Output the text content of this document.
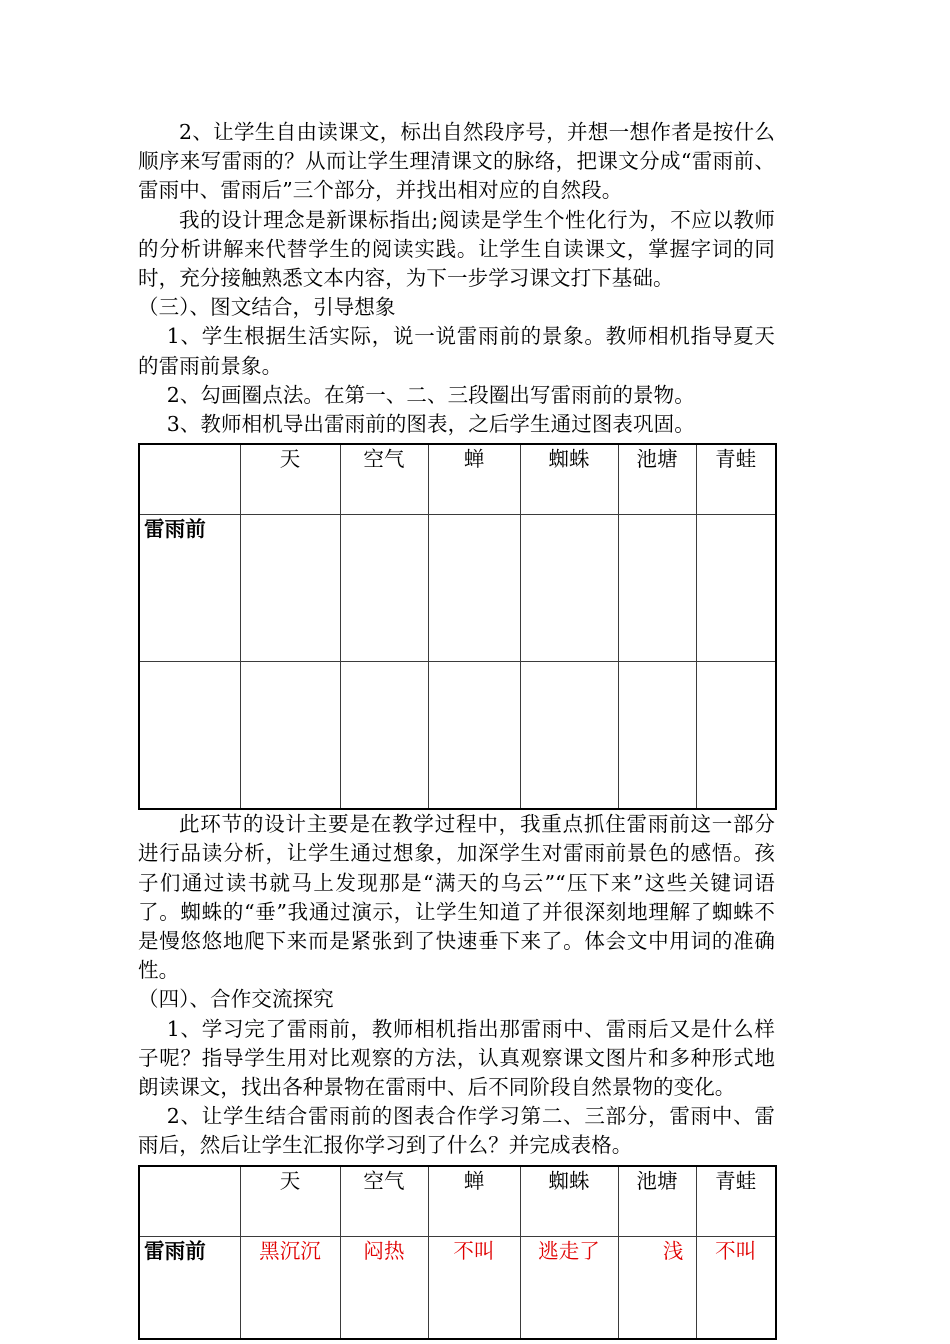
2、让学生自由读课文，标出自然段序号，并想一想作者是按什么顺序来写雷雨的？从而让学生理清课文的脉络，把课文分成“雷雨前、雷雨中、雷雨后”三个部分，并找出相对应的自然段。

我的设计理念是新课标指出;阅读是学生个性化行为，不应以教师的分析讲解来代替学生的阅读实践。让学生自读课文，掌握字词的同时，充分接触熟悉文本内容，为下一步学习课文打下基础。

（三）、图文结合，引导想象

1、学生根据生活实际，说一说雷雨前的景象。教师相机指导夏天的雷雨前景象。

2、勾画圈点法。在第一、二、三段圈出写雷雨前的景物。

3、教师相机导出雷雨前的图表，之后学生通过图表巩固。

	天	空气	蝉	蜘蛛	池塘	青蛙
雷雨前						

此环节的设计主要是在教学过程中，我重点抓住雷雨前这一部分进行品读分析，让学生通过想象，加深学生对雷雨前景色的感悟。孩子们通过读书就马上发现那是“满天的乌云”“压下来”这些关键词语了。蜘蛛的“垂”我通过演示，让学生知道了并很深刻地理解了蜘蛛不是慢悠悠地爬下来而是紧张到了快速垂下来了。体会文中用词的准确性。

（四）、合作交流探究

1、学习完了雷雨前，教师相机指出那雷雨中、雷雨后又是什么样子呢？指导学生用对比观察的方法，认真观察课文图片和多种形式地朗读课文，找出各种景物在雷雨中、后不同阶段自然景物的变化。

2、让学生结合雷雨前的图表合作学习第二、三部分，雷雨中、雷雨后，然后让学生汇报你学习到了什么？并完成表格。

	天	空气	蝉	蜘蛛	池塘	青蛙
雷雨前	黑沉沉	闷热	不叫	逃走了	浅	不叫
